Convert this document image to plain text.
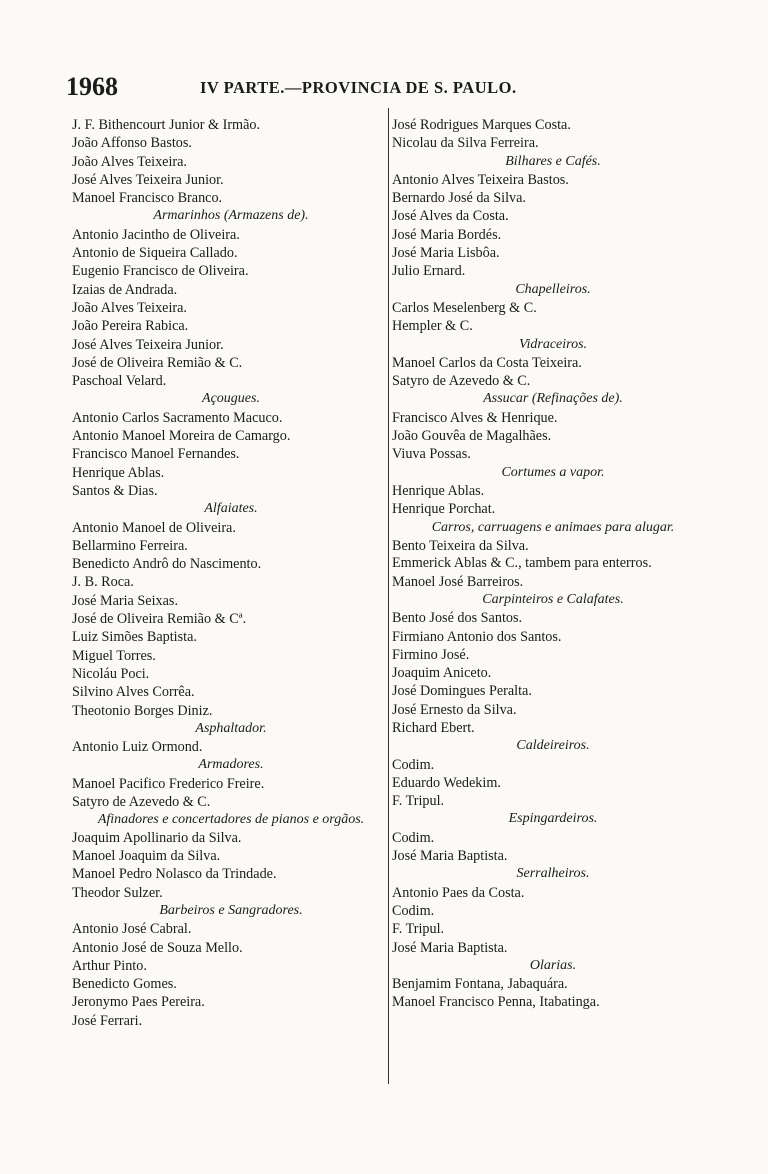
1968	IV PARTE.—PROVINCIA DE S. PAULO.
J. F. Bithencourt Junior & Irmão.
João Affonso Bastos.
João Alves Teixeira.
José Alves Teixeira Junior.
Manoel Francisco Branco.
Armarinhos (Armazens de).
Antonio Jacintho de Oliveira.
Antonio de Siqueira Callado.
Eugenio Francisco de Oliveira.
Izaias de Andrada.
João Alves Teixeira.
João Pereira Rabica.
José Alves Teixeira Junior.
José de Oliveira Remião & C.
Paschoal Velard.
Açougues.
Antonio Carlos Sacramento Macuco.
Antonio Manoel Moreira de Camargo.
Francisco Manoel Fernandes.
Henrique Ablas.
Santos & Dias.
Alfaiates.
Antonio Manoel de Oliveira.
Bellarmino Ferreira.
Benedicto Andrô do Nascimento.
J. B. Roca.
José Maria Seixas.
José de Oliveira Remião & Cª.
Luiz Simões Baptista.
Miguel Torres.
Nicoláu Poci.
Silvino Alves Corrêa.
Theotonio Borges Diniz.
Asphaltador.
Antonio Luiz Ormond.
Armadores.
Manoel Pacifico Frederico Freire.
Satyro de Azevedo & C.
Afinadores e concertadores de pianos e orgãos.
Joaquim Apollinario da Silva.
Manoel Joaquim da Silva.
Manoel Pedro Nolasco da Trindade.
Theodor Sulzer.
Barbeiros e Sangradores.
Antonio José Cabral.
Antonio José de Souza Mello.
Arthur Pinto.
Benedicto Gomes.
Jeronymo Paes Pereira.
José Ferrari.
José Rodrigues Marques Costa.
Nicolau da Silva Ferreira.
Bilhares e Cafés.
Antonio Alves Teixeira Bastos.
Bernardo José da Silva.
José Alves da Costa.
José Maria Bordés.
José Maria Lisbôa.
Julio Ernard.
Chapelleiros.
Carlos Meselenberg & C.
Hempler & C.
Vidraceiros.
Manoel Carlos da Costa Teixeira.
Satyro de Azevedo & C.
Assucar (Refinações de).
Francisco Alves & Henrique.
João Gouvêa de Magalhães.
Viuva Possas.
Cortumes a vapor.
Henrique Ablas.
Henrique Porchat.
Carros, carruagens e animaes para alugar.
Bento Teixeira da Silva.
Emmerick Ablas & C., tambem para enterros.
Manoel José Barreiros.
Carpinteiros e Calafates.
Bento José dos Santos.
Firmiano Antonio dos Santos.
Firmino José.
Joaquim Aniceto.
José Domingues Peralta.
José Ernesto da Silva.
Richard Ebert.
Caldeireiros.
Codim.
Eduardo Wedekim.
F. Tripul.
Espingardeiros.
Codim.
José Maria Baptista.
Serralheiros.
Antonio Paes da Costa.
Codim.
F. Tripul.
José Maria Baptista.
Olarias.
Benjamim Fontana, Jabaquára.
Manoel Francisco Penna, Itabatinga.
